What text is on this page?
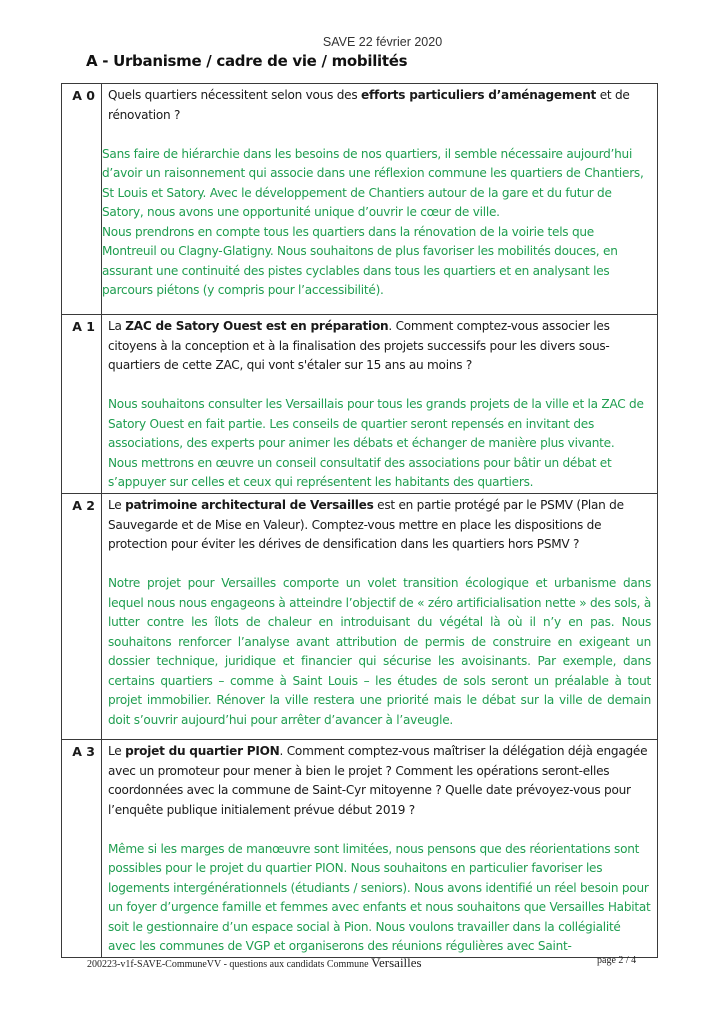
SAVE 22 février 2020
A - Urbanisme / cadre de vie / mobilités
A 0	Quels quartiers nécessitent selon vous des efforts particuliers d’aménagement et de rénovation ?
Sans faire de hiérarchie dans les besoins de nos quartiers, il semble nécessaire aujourd’hui d’avoir un raisonnement qui associe dans une réflexion commune les quartiers de Chantiers, St Louis et Satory. Avec le développement de Chantiers autour de la gare et du futur de Satory, nous avons une opportunité unique d’ouvrir le cœur de ville.
Nous prendrons en compte tous les quartiers dans la rénovation de la voirie tels que Montreuil ou Clagny-Glatigny. Nous souhaitons de plus favoriser les mobilités douces, en assurant une continuité des pistes cyclables dans tous les quartiers et en analysant les parcours piétons (y compris pour l’accessibilité).

A 1	La ZAC de Satory Ouest est en préparation. Comment comptez-vous associer les citoyens à la conception et à la finalisation des projets successifs pour les divers sous-quartiers de cette ZAC, qui vont s'étaler sur 15 ans au moins ?
Nous souhaitons consulter les Versaillais pour tous les grands projets de la ville et la ZAC de Satory Ouest en fait partie. Les conseils de quartier seront repensés en invitant des associations, des experts pour animer les débats et échanger de manière plus vivante.
Nous mettrons en œuvre un conseil consultatif des associations pour bâtir un débat et s’appuyer sur celles et ceux qui représentent les habitants des quartiers.

A 2	Le patrimoine architectural de Versailles est en partie protégé par le PSMV (Plan de Sauvegarde et de Mise en Valeur). Comptez-vous mettre en place les dispositions de protection pour éviter les dérives de densification dans les quartiers hors PSMV ?
Notre projet pour Versailles comporte un volet transition écologique et urbanisme dans lequel nous nous engageons à atteindre l’objectif de « zéro artificialisation nette » des sols, à lutter contre les îlots de chaleur en introduisant du végétal là où il n’y en pas. Nous souhaitons renforcer l’analyse avant attribution de permis de construire en exigeant un dossier technique, juridique et financier qui sécurise les avoisinants. Par exemple, dans certains quartiers – comme à Saint Louis – les études de sols seront un préalable à tout projet immobilier. Rénover la ville restera une priorité mais le débat sur la ville de demain doit s’ouvrir aujourd’hui pour arrêter d’avancer à l’aveugle.

A 3	Le projet du quartier PION. Comment comptez-vous maîtriser la délégation déjà engagée avec un promoteur pour mener à bien le projet ? Comment les opérations seront-elles coordonnées avec la commune de Saint-Cyr mitoyenne ? Quelle date prévoyez-vous pour l’enquête publique initialement prévue début 2019 ?
Même si les marges de manœuvre sont limitées, nous pensons que des réorientations sont possibles pour le projet du quartier PION. Nous souhaitons en particulier favoriser les logements intergénérationnels (étudiants / seniors). Nous avons identifié un réel besoin pour un foyer d’urgence famille et femmes avec enfants et nous souhaitons que Versailles Habitat soit le gestionnaire d’un espace social à Pion. Nous voulons travailler dans la collégialité avec les communes de VGP et organiserons des réunions régulières avec Saint-
200223-v1f-SAVE-CommuneVV - questions aux candidats Commune Versailles	page 2 / 4
